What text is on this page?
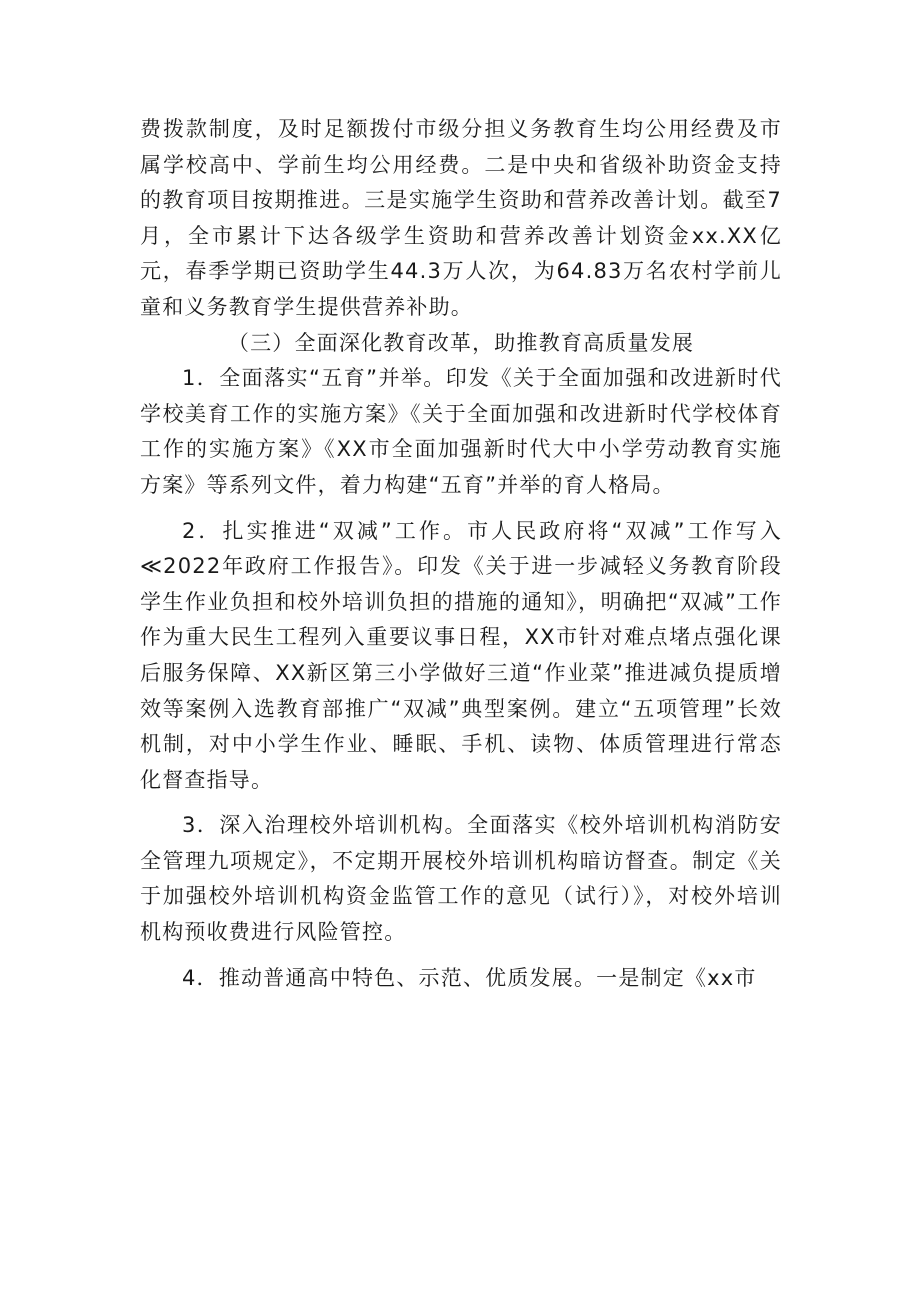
费拨款制度，及时足额拨付市级分担义务教育生均公用经费及市属学校高中、学前生均公用经费。二是中央和省级补助资金支持的教育项目按期推进。三是实施学生资助和营养改善计划。截至7月，全市累计下达各级学生资助和营养改善计划资金xx.XX亿元，春季学期已资助学生44.3万人次，为64.83万名农村学前儿童和义务教育学生提供营养补助。

（三）全面深化教育改革，助推教育高质量发展

1．全面落实“五育”并举。印发《关于全面加强和改进新时代学校美育工作的实施方案》《关于全面加强和改进新时代学校体育工作的实施方案》《XX市全面加强新时代大中小学劳动教育实施方案》等系列文件，着力构建“五育”并举的育人格局。

2．扎实推进“双减”工作。市人民政府将“双减”工作写入≪2022年政府工作报告》。印发《关于进一步减轻义务教育阶段学生作业负担和校外培训负担的措施的通知》，明确把“双减”工作作为重大民生工程列入重要议事日程，XX市针对难点堵点强化课后服务保障、XX新区第三小学做好三道“作业菜”推进减负提质增效等案例入选教育部推广“双减”典型案例。建立“五项管理”长效机制，对中小学生作业、睡眠、手机、读物、体质管理进行常态化督查指导。

3．深入治理校外培训机构。全面落实《校外培训机构消防安全管理九项规定》，不定期开展校外培训机构暗访督查。制定《关于加强校外培训机构资金监管工作的意见（试行）》，对校外培训机构预收费进行风险管控。

4．推动普通高中特色、示范、优质发展。一是制定《xx市
